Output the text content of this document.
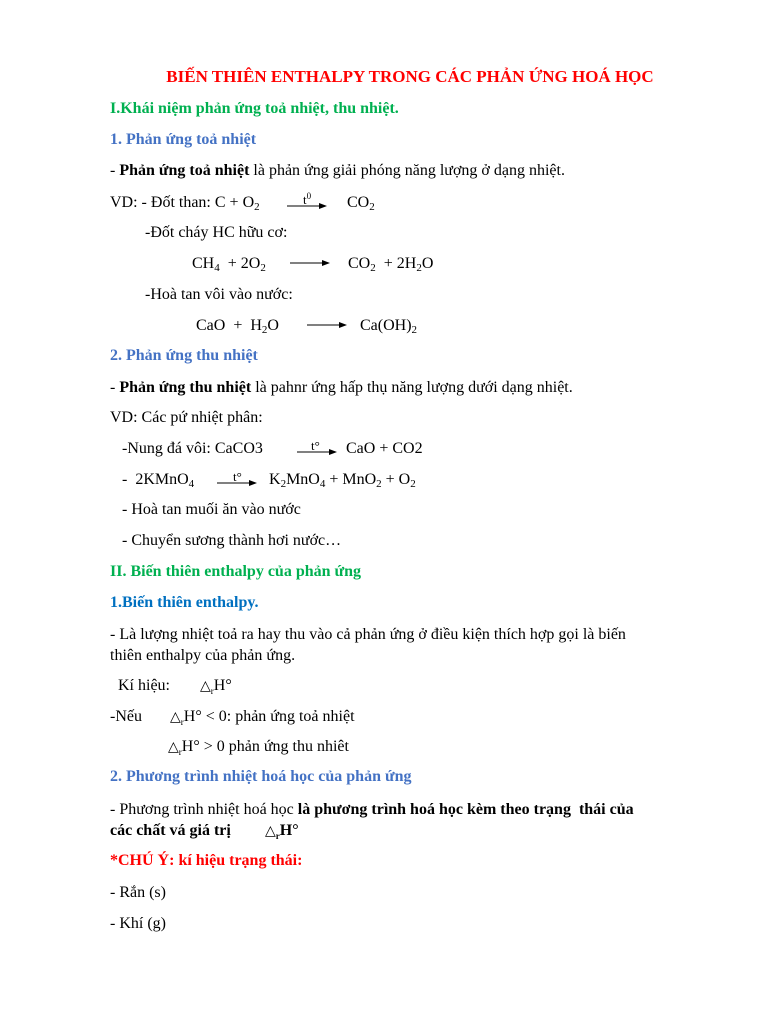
BIẾN THIÊN ENTHALPY TRONG CÁC PHẢN ỨNG HOÁ HỌC
I.Khái niệm phản ứng toả nhiệt, thu nhiệt.
1. Phản ứng toả nhiệt
- Phản ứng toả nhiệt là phản ứng giải phóng năng lượng ở dạng nhiệt.
VD: - Đốt than: $C + O_2$	$t^0$ $CO_2$
-Đốt cháy HC hữu cơ:
$CH_4 + 2O_2 \to CO_2 + 2H_2O$
-Hoà tan vôi vào nước:
CaO  +  $H_2O \to Ca(OH)_2$
2. Phản ứng thu nhiệt
- Phản ứng thu nhiệt là pahnr ứng hấp thụ năng lượng dưới dạng nhiệt.
VD: Các pứ nhiệt phân:
-Nung đá vôi: CaCO3	t° CaO + CO2
-  2KMnO$_4$	t° $K_2MnO_4 + MnO_2 + O_2$
- Hoà tan muối ăn vào nước
- Chuyển sương thành hơi nước…
II. Biến thiên enthalpy của phản ứng
1.Biến thiên enthalpy.
- Là lượng nhiệt toả ra hay thu vào cả phản ứng ở điều kiện thích hợp gọi là biến
thiên enthalpy của phản ứng.
Kí hiệu: $\triangle_rH^\circ$
-Nếu $\triangle_rH^\circ < 0$: phản ứng toả nhiệt
$\triangle_rH^\circ > 0$ phản ứng thu nhiêt
2. Phương trình nhiệt hoá học của phản ứng
- Phương trình nhiệt hoá học là phương trình hoá học kèm theo trạng  thái của
các chất vá giá trị $\triangle_rH^\circ$
*CHÚ Ý: kí hiệu trạng thái:
- Rắn (s)
- Khí (g)
